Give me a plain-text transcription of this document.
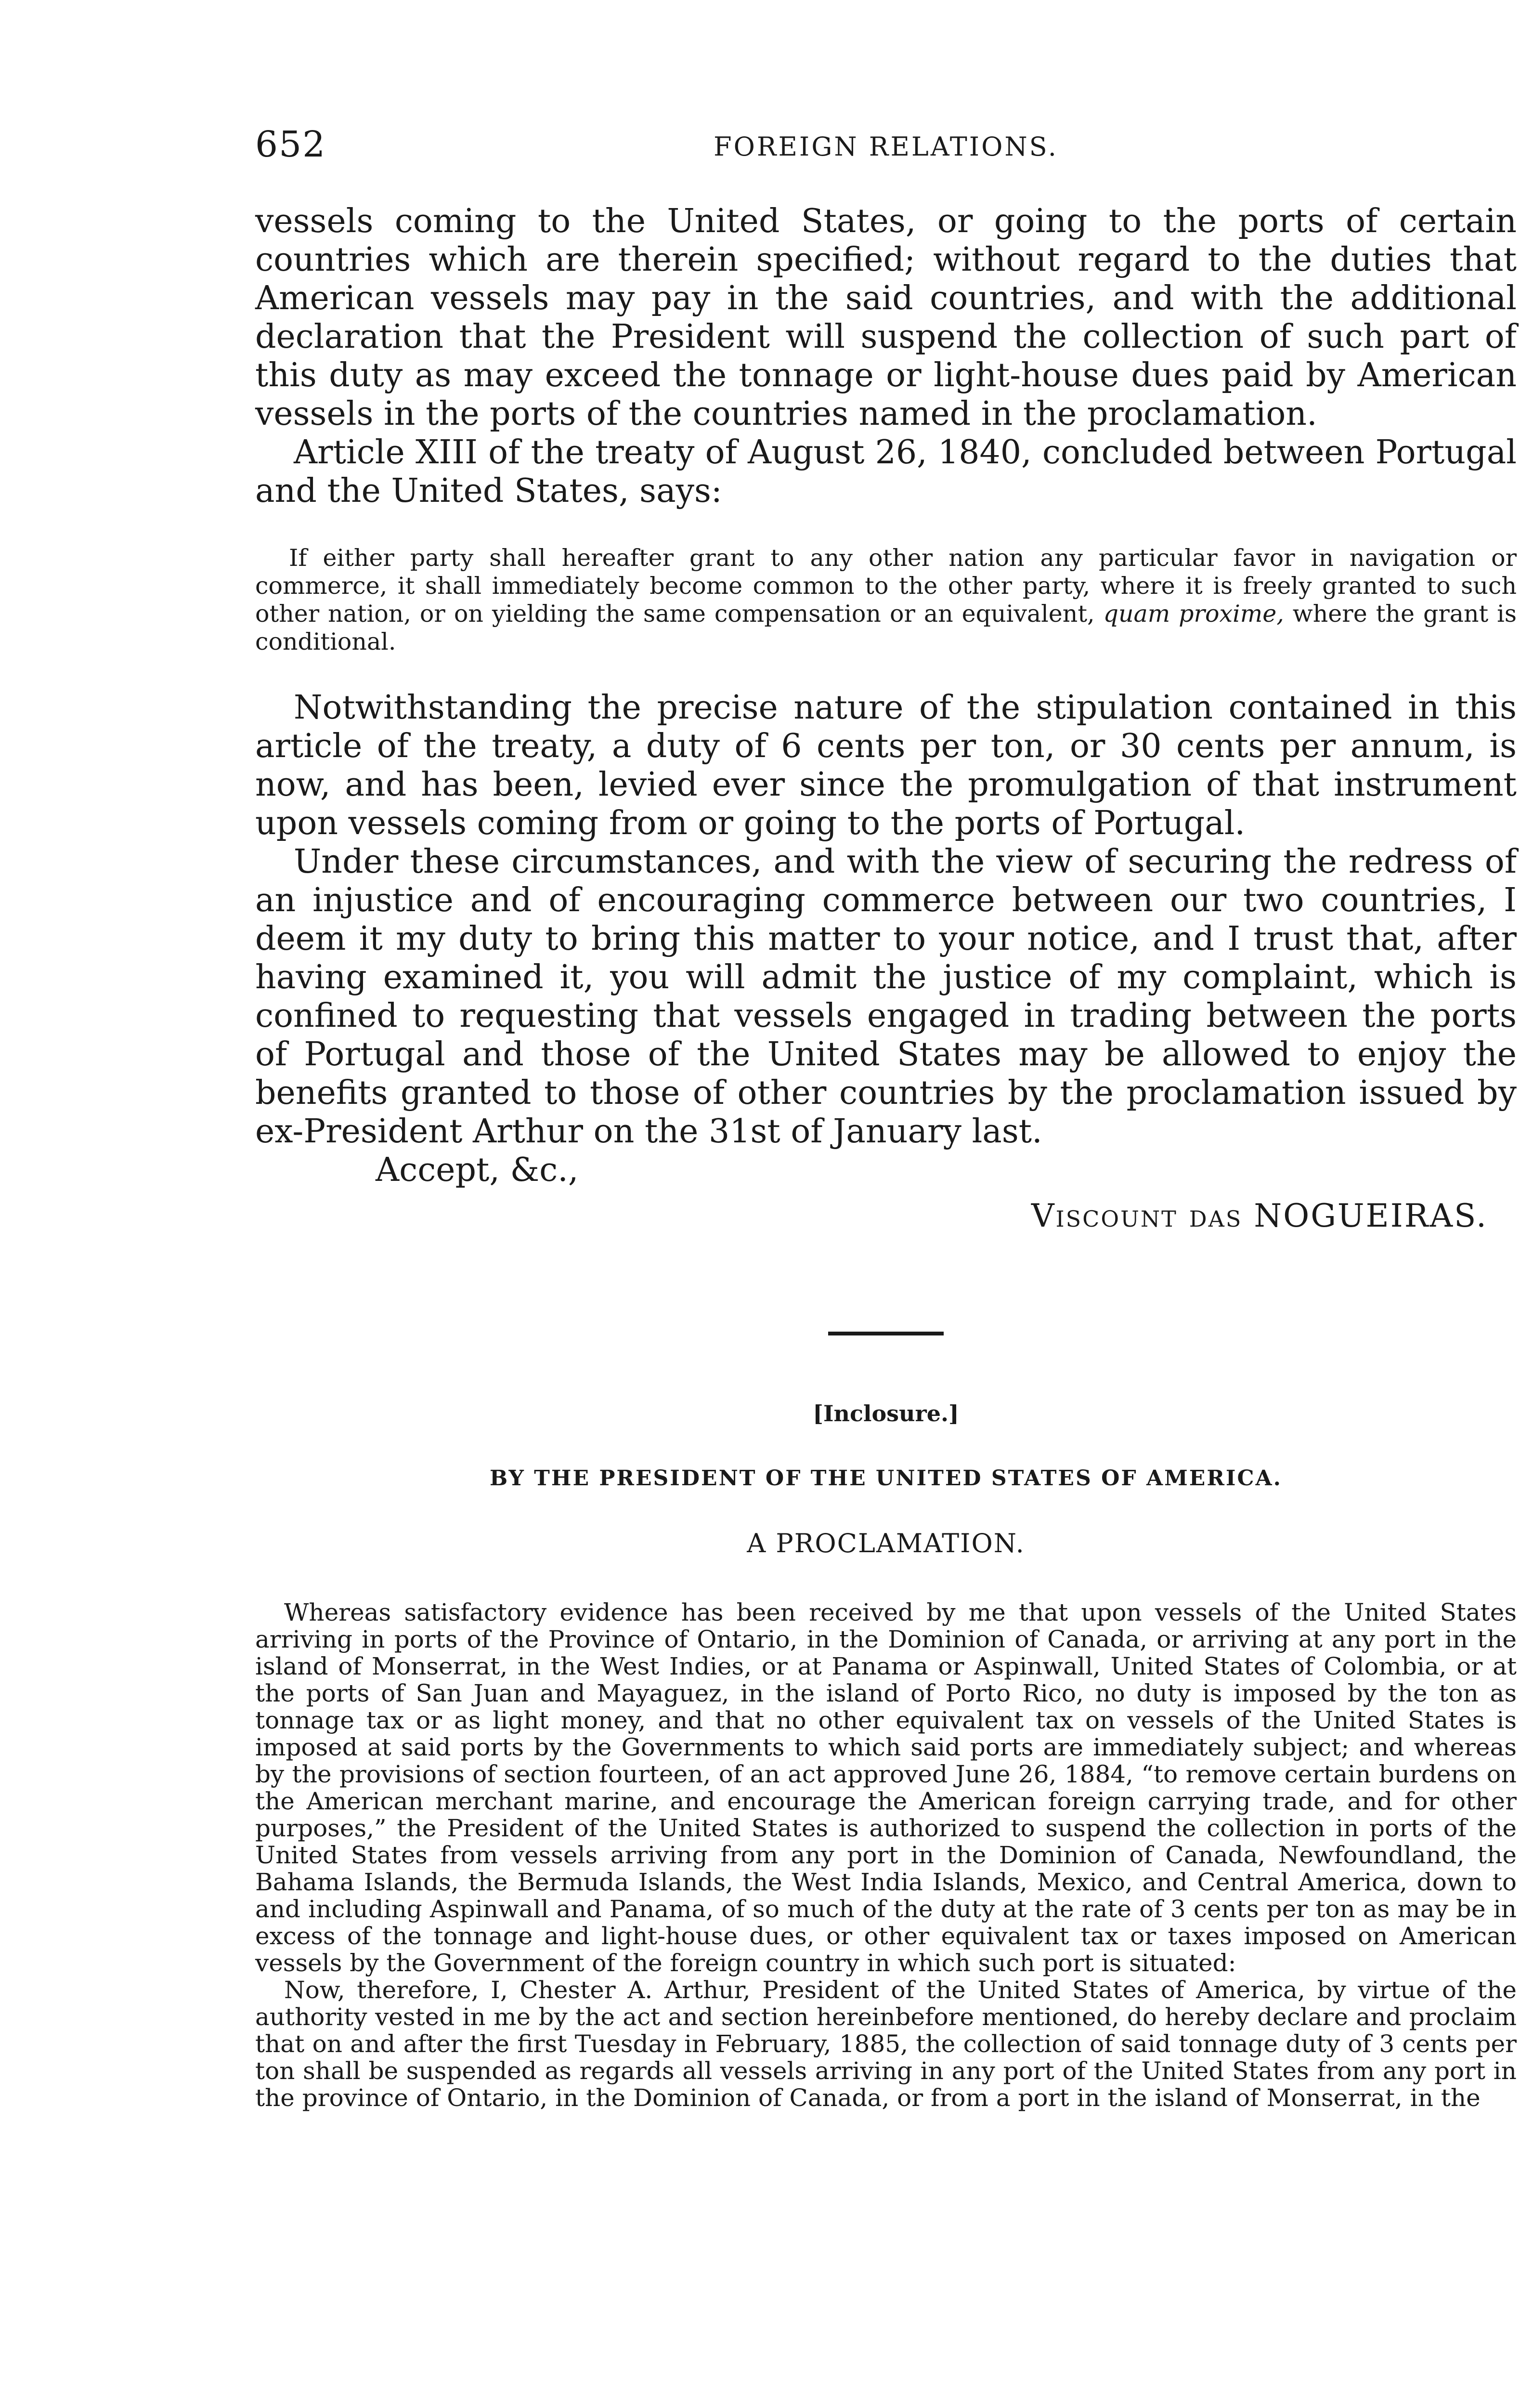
652	FOREIGN RELATIONS.

vessels coming to the United States, or going to the ports of certain countries which are therein specified; without regard to the duties that American vessels may pay in the said countries, and with the additional declaration that the President will suspend the collection of such part of this duty as may exceed the tonnage or light-house dues paid by American vessels in the ports of the countries named in the proclamation.

Article XIII of the treaty of August 26, 1840, concluded between Portugal and the United States, says:

If either party shall hereafter grant to any other nation any particular favor in navigation or commerce, it shall immediately become common to the other party, where it is freely granted to such other nation, or on yielding the same compensation or an equivalent, quam proxime, where the grant is conditional.

Notwithstanding the precise nature of the stipulation contained in this article of the treaty, a duty of 6 cents per ton, or 30 cents per annum, is now, and has been, levied ever since the promulgation of that instrument upon vessels coming from or going to the ports of Portugal.

Under these circumstances, and with the view of securing the redress of an injustice and of encouraging commerce between our two countries, I deem it my duty to bring this matter to your notice, and I trust that, after having examined it, you will admit the justice of my complaint, which is confined to requesting that vessels engaged in trading between the ports of Portugal and those of the United States may be allowed to enjoy the benefits granted to those of other countries by the proclamation issued by ex-President Arthur on the 31st of January last.

Accept, &c.,
Viscount das NOGUEIRAS.
[Inclosure.]
BY THE PRESIDENT OF THE UNITED STATES OF AMERICA.
A PROCLAMATION.

Whereas satisfactory evidence has been received by me that upon vessels of the United States arriving in ports of the Province of Ontario, in the Dominion of Canada, or arriving at any port in the island of Monserrat, in the West Indies, or at Panama or Aspinwall, United States of Colombia, or at the ports of San Juan and Mayaguez, in the island of Porto Rico, no duty is imposed by the ton as tonnage tax or as light money, and that no other equivalent tax on vessels of the United States is imposed at said ports by the Governments to which said ports are immediately subject; and whereas by the provisions of section fourteen, of an act approved June 26, 1884, “to remove certain burdens on the American merchant marine, and encourage the American foreign carrying trade, and for other purposes,” the President of the United States is authorized to suspend the collection in ports of the United States from vessels arriving from any port in the Dominion of Canada, Newfoundland, the Bahama Islands, the Bermuda Islands, the West India Islands, Mexico, and Central America, down to and including Aspinwall and Panama, of so much of the duty at the rate of 3 cents per ton as may be in excess of the tonnage and light-house dues, or other equivalent tax or taxes imposed on American vessels by the Government of the foreign country in which such port is situated:

Now, therefore, I, Chester A. Arthur, President of the United States of America, by virtue of the authority vested in me by the act and section hereinbefore mentioned, do hereby declare and proclaim that on and after the first Tuesday in February, 1885, the collection of said tonnage duty of 3 cents per ton shall be suspended as regards all vessels arriving in any port of the United States from any port in the province of Ontario, in the Dominion of Canada, or from a port in the island of Monserrat, in the
